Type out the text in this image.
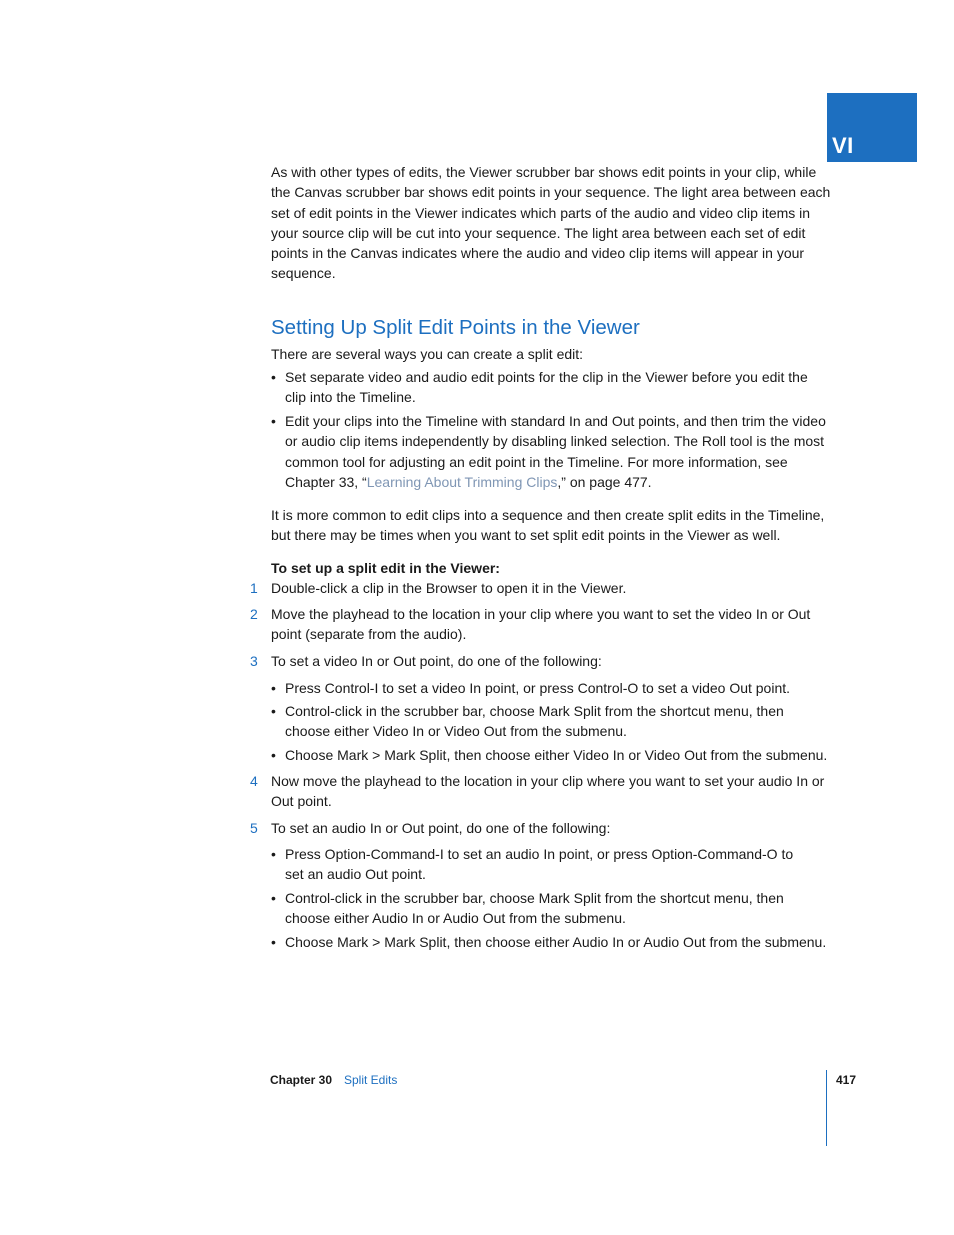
VI

As with other types of edits, the Viewer scrubber bar shows edit points in your clip, while the Canvas scrubber bar shows edit points in your sequence. The light area between each set of edit points in the Viewer indicates which parts of the audio and video clip items in your source clip will be cut into your sequence. The light area between each set of edit points in the Canvas indicates where the audio and video clip items will appear in your sequence.

Setting Up Split Edit Points in the Viewer

There are several ways you can create a split edit:

• Set separate video and audio edit points for the clip in the Viewer before you edit the clip into the Timeline.
• Edit your clips into the Timeline with standard In and Out points, and then trim the video or audio clip items independently by disabling linked selection. The Roll tool is the most common tool for adjusting an edit point in the Timeline. For more information, see Chapter 33, “Learning About Trimming Clips,” on page 477.

It is more common to edit clips into a sequence and then create split edits in the Timeline, but there may be times when you want to set split edit points in the Viewer as well.

To set up a split edit in the Viewer:

1 Double-click a clip in the Browser to open it in the Viewer.
2 Move the playhead to the location in your clip where you want to set the video In or Out point (separate from the audio).
3 To set a video In or Out point, do one of the following:
• Press Control-I to set a video In point, or press Control-O to set a video Out point.
• Control-click in the scrubber bar, choose Mark Split from the shortcut menu, then choose either Video In or Video Out from the submenu.
• Choose Mark > Mark Split, then choose either Video In or Video Out from the submenu.
4 Now move the playhead to the location in your clip where you want to set your audio In or Out point.
5 To set an audio In or Out point, do one of the following:
• Press Option-Command-I to set an audio In point, or press Option-Command-O to set an audio Out point.
• Control-click in the scrubber bar, choose Mark Split from the shortcut menu, then choose either Audio In or Audio Out from the submenu.
• Choose Mark > Mark Split, then choose either Audio In or Audio Out from the submenu.
Chapter 30 Split Edits	417
